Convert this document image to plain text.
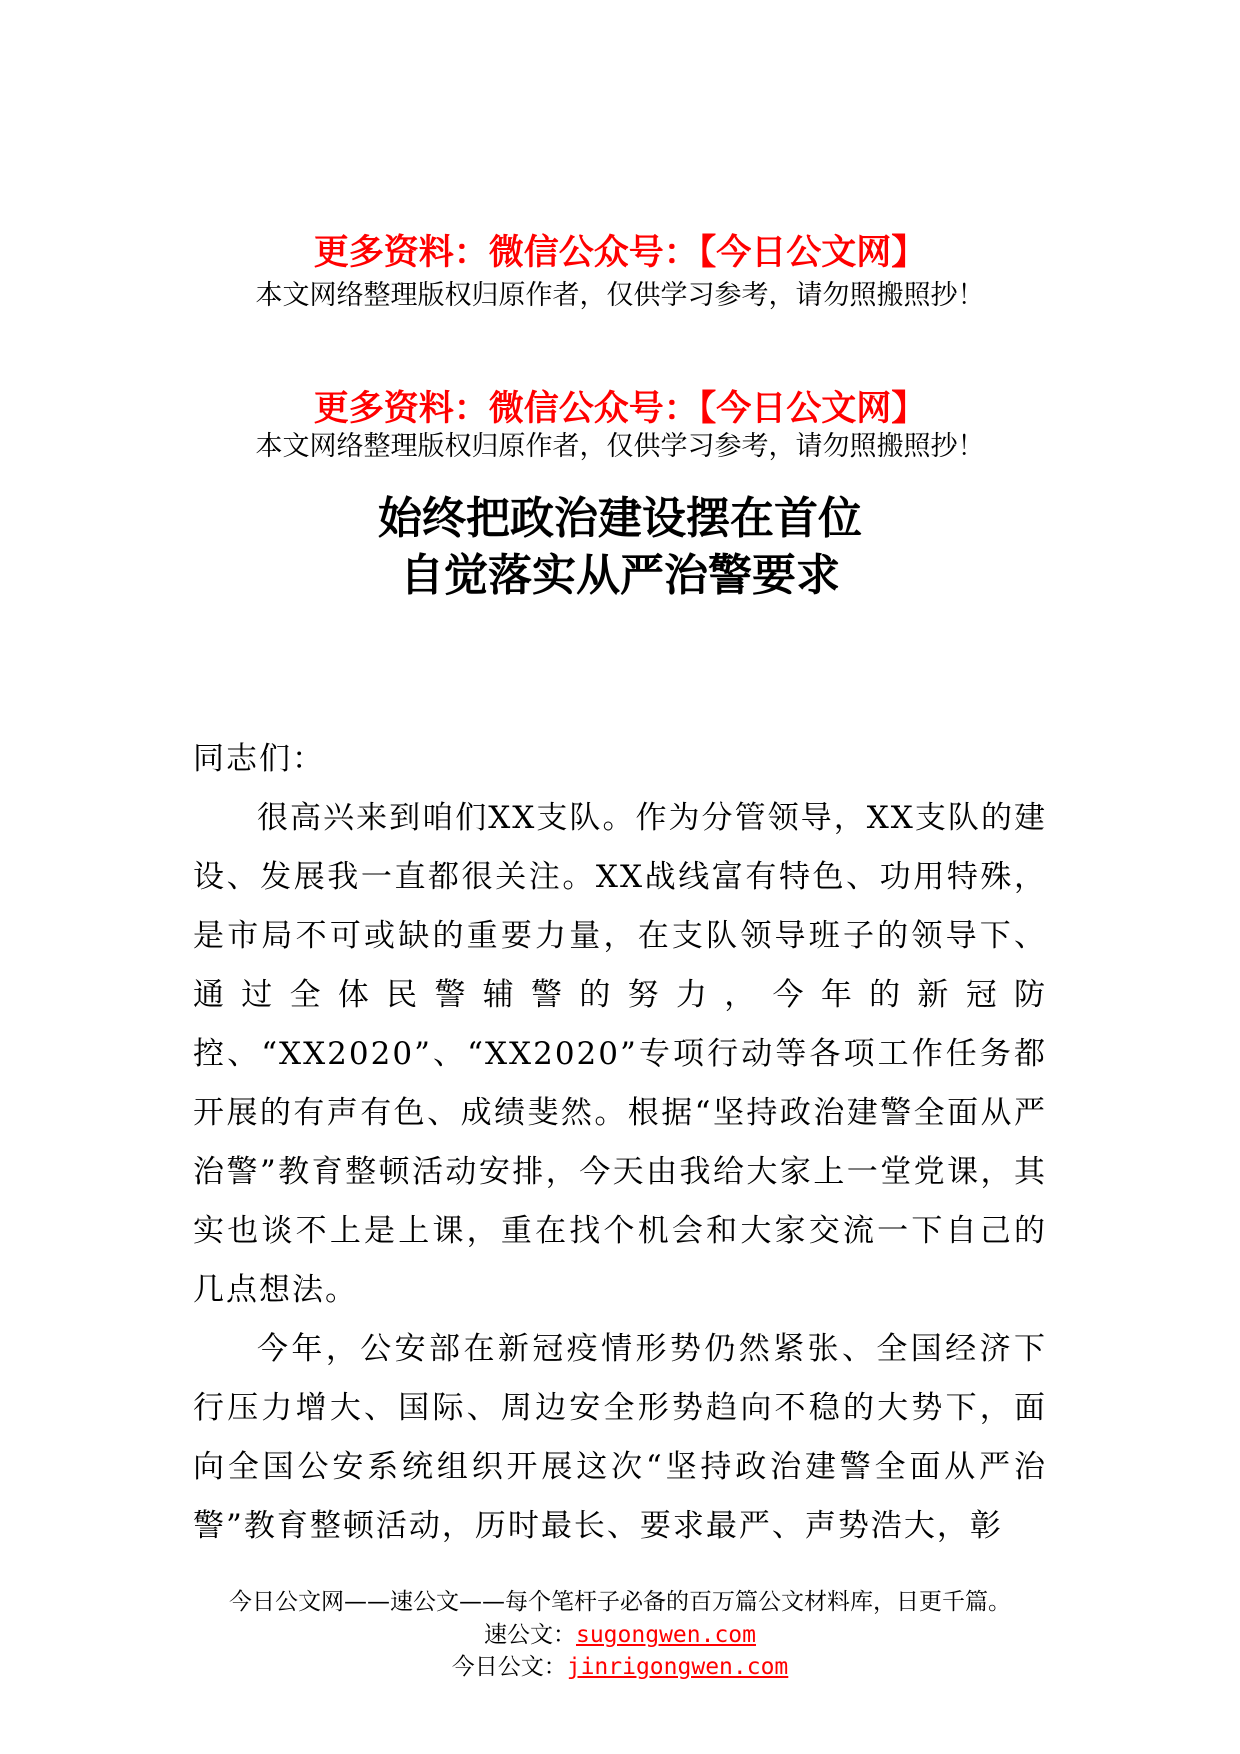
更多资料：微信公众号：【今日公文网】
本文网络整理版权归原作者，仅供学习参考，请勿照搬照抄！
更多资料：微信公众号：【今日公文网】
本文网络整理版权归原作者，仅供学习参考，请勿照搬照抄！
始终把政治建设摆在首位
自觉落实从严治警要求

同志们：

很高兴来到咱们XX支队。作为分管领导，XX支队的建设、发展我一直都很关注。XX战线富有特色、功用特殊，是市局不可或缺的重要力量，在支队领导班子的领导下、通过全体民警辅警的努力，今年的新冠防控、“XX2020”、“XX2020”专项行动等各项工作任务都开展的有声有色、成绩斐然。根据“坚持政治建警全面从严治警”教育整顿活动安排，今天由我给大家上一堂党课，其实也谈不上是上课，重在找个机会和大家交流一下自己的几点想法。

今年，公安部在新冠疫情形势仍然紧张、全国经济下行压力增大、国际、周边安全形势趋向不稳的大势下，面向全国公安系统组织开展这次“坚持政治建警全面从严治警”教育整顿活动，历时最长、要求最严、声势浩大，彰

今日公文网——速公文——每个笔杆子必备的百万篇公文材料库，日更千篇。
速公文：sugongwen.com
今日公文：jinrigongwen.com
